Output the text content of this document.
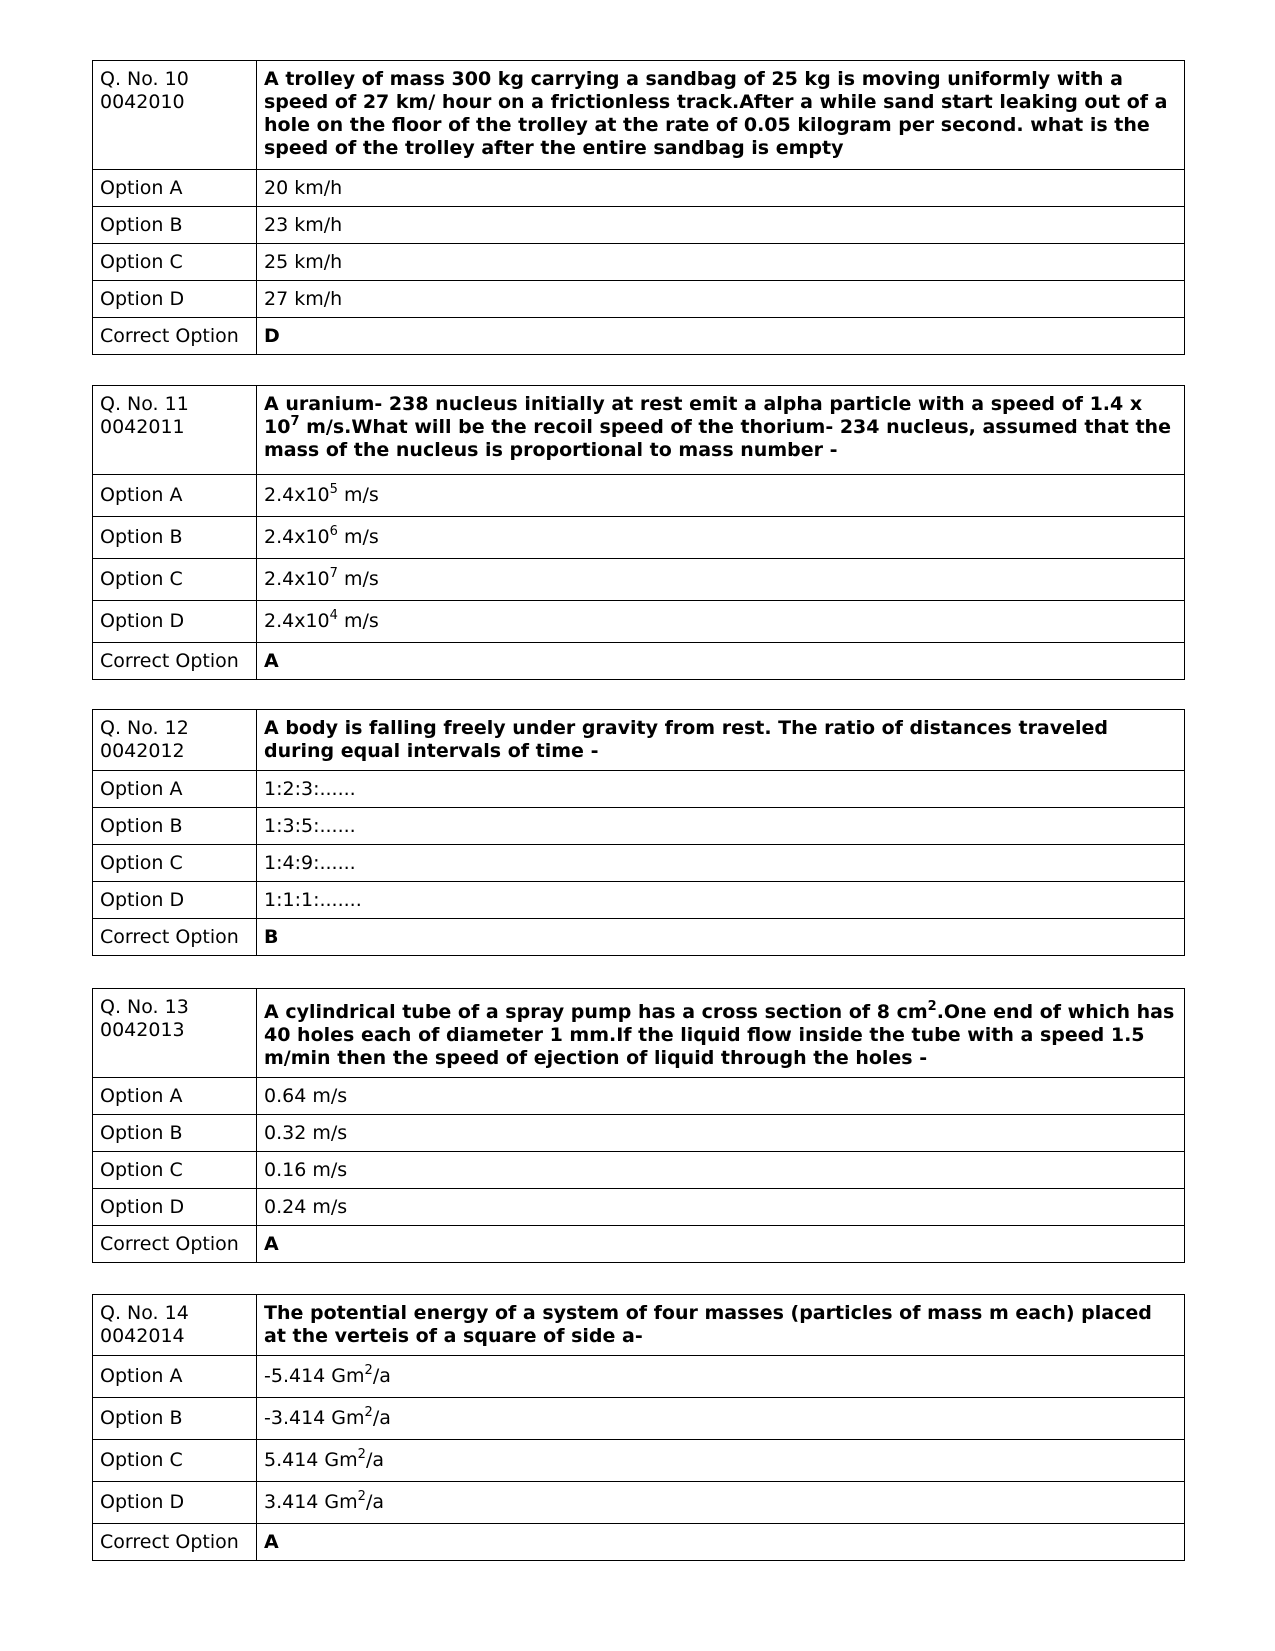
Q. No. 10
0042010	A trolley of mass 300 kg carrying a sandbag of 25 kg is moving uniformly with a speed of 27 km/ hour on a frictionless track.After a while sand start leaking out of a hole on the floor of the trolley at the rate of 0.05 kilogram per second. what is the speed of the trolley after the entire sandbag is empty
Option A	20 km/h
Option B	23 km/h
Option C	25 km/h
Option D	27 km/h
Correct Option	D
Q. No. 11
0042011	A uranium- 238 nucleus initially at rest emit a alpha particle with a speed of 1.4 x $10^7$ m/s.What will be the recoil speed of the thorium- 234 nucleus, assumed that the mass of the nucleus is proportional to mass number -
Option A	$2.4x10^5$ m/s
Option B	$2.4x10^6$ m/s
Option C	$2.4x10^7$ m/s
Option D	$2.4x10^4$ m/s
Correct Option	A
Q. No. 12
0042012	A body is falling freely under gravity from rest. The ratio of distances traveled during equal intervals of time -
Option A	1:2:3:......
Option B	1:3:5:......
Option C	1:4:9:......
Option D	1:1:1:.......
Correct Option	B
Q. No. 13
0042013	A cylindrical tube of a spray pump has a cross section of 8 $cm^2.One$ end of which has 40 holes each of diameter 1 mm.If the liquid flow inside the tube with a speed 1.5 m/min then the speed of ejection of liquid through the holes -
Option A	0.64 m/s
Option B	0.32 m/s
Option C	0.16 m/s
Option D	0.24 m/s
Correct Option	A
Q. No. 14
0042014	The potential energy of a system of four masses (particles of mass m each) placed at the verteis of a square of side a-
Option A	-5.414 Gm$^2$/a
Option B	-3.414 Gm$^2$/a
Option C	5.414 Gm$^2$/a
Option D	3.414 Gm$^2$/a
Correct Option	A
